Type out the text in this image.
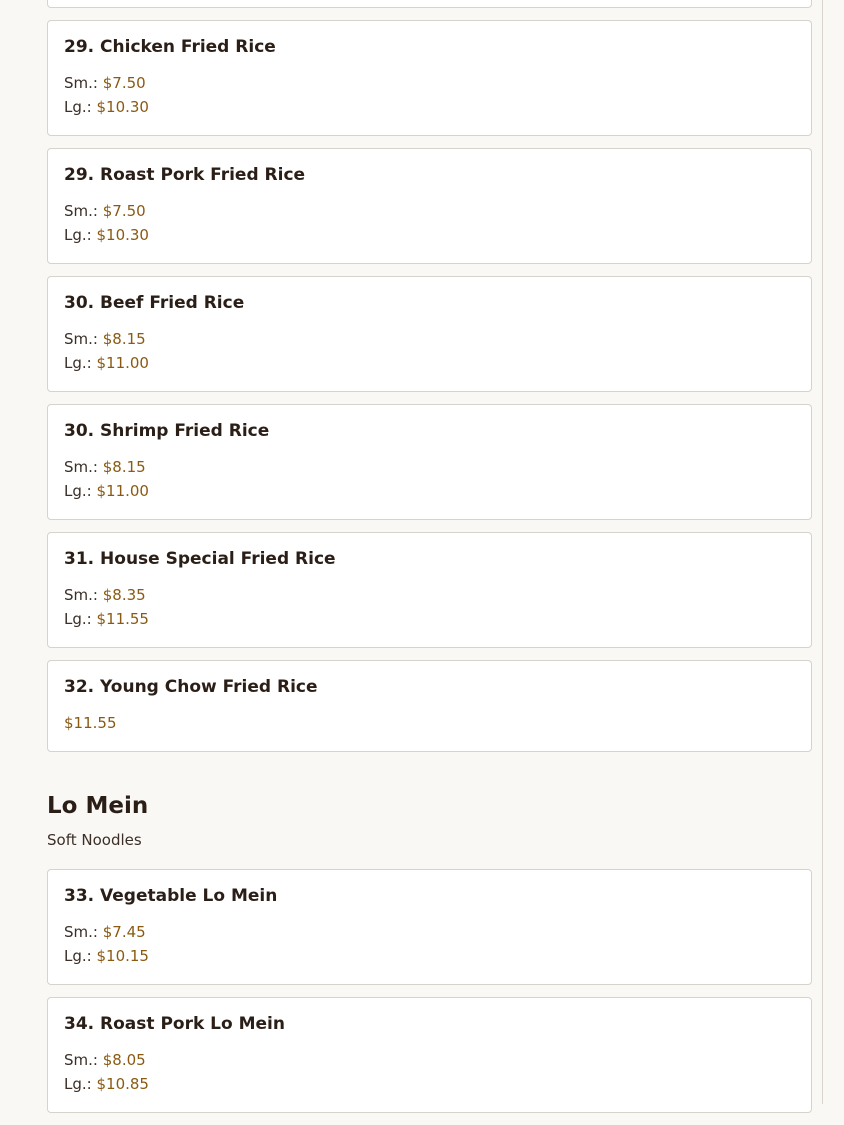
29. Chicken Fried Rice
Sm.: $7.50
Lg.: $10.30
29. Roast Pork Fried Rice
Sm.: $7.50
Lg.: $10.30
30. Beef Fried Rice
Sm.: $8.15
Lg.: $11.00
30. Shrimp Fried Rice
Sm.: $8.15
Lg.: $11.00
31. House Special Fried Rice
Sm.: $8.35
Lg.: $11.55
32. Young Chow Fried Rice
$11.55
Lo Mein
Soft Noodles
33. Vegetable Lo Mein
Sm.: $7.45
Lg.: $10.15
34. Roast Pork Lo Mein
Sm.: $8.05
Lg.: $10.85
